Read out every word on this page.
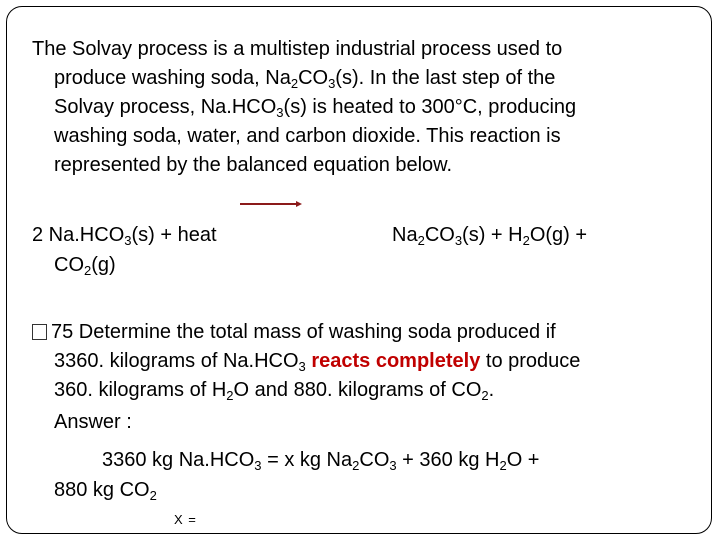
The Solvay process is a multistep industrial process used to
produce washing soda, $Na_2CO_3(s)$. In the last step of the
Solvay process, $Na.HCO_3(s)$ is heated to 300°C, producing
washing soda, water, and carbon dioxide. This reaction is
represented by the balanced equation below.
2 $Na.HCO_3(s)$ + heat
$CO_2(g)$
$Na_2CO_3(s) + H_2O(g)$ +
75 Determine the total mass of washing soda produced if
3360. kilograms of $Na.HCO_3$ reacts completely to produce
360. kilograms of $H_2O$ and 880. kilograms of $CO_2$.
Answer :
3360 kg $Na.HCO_3 = x$ kg $Na_2CO_3 + 360$ kg $H_2O$ +
880 kg $CO_2$
X =
